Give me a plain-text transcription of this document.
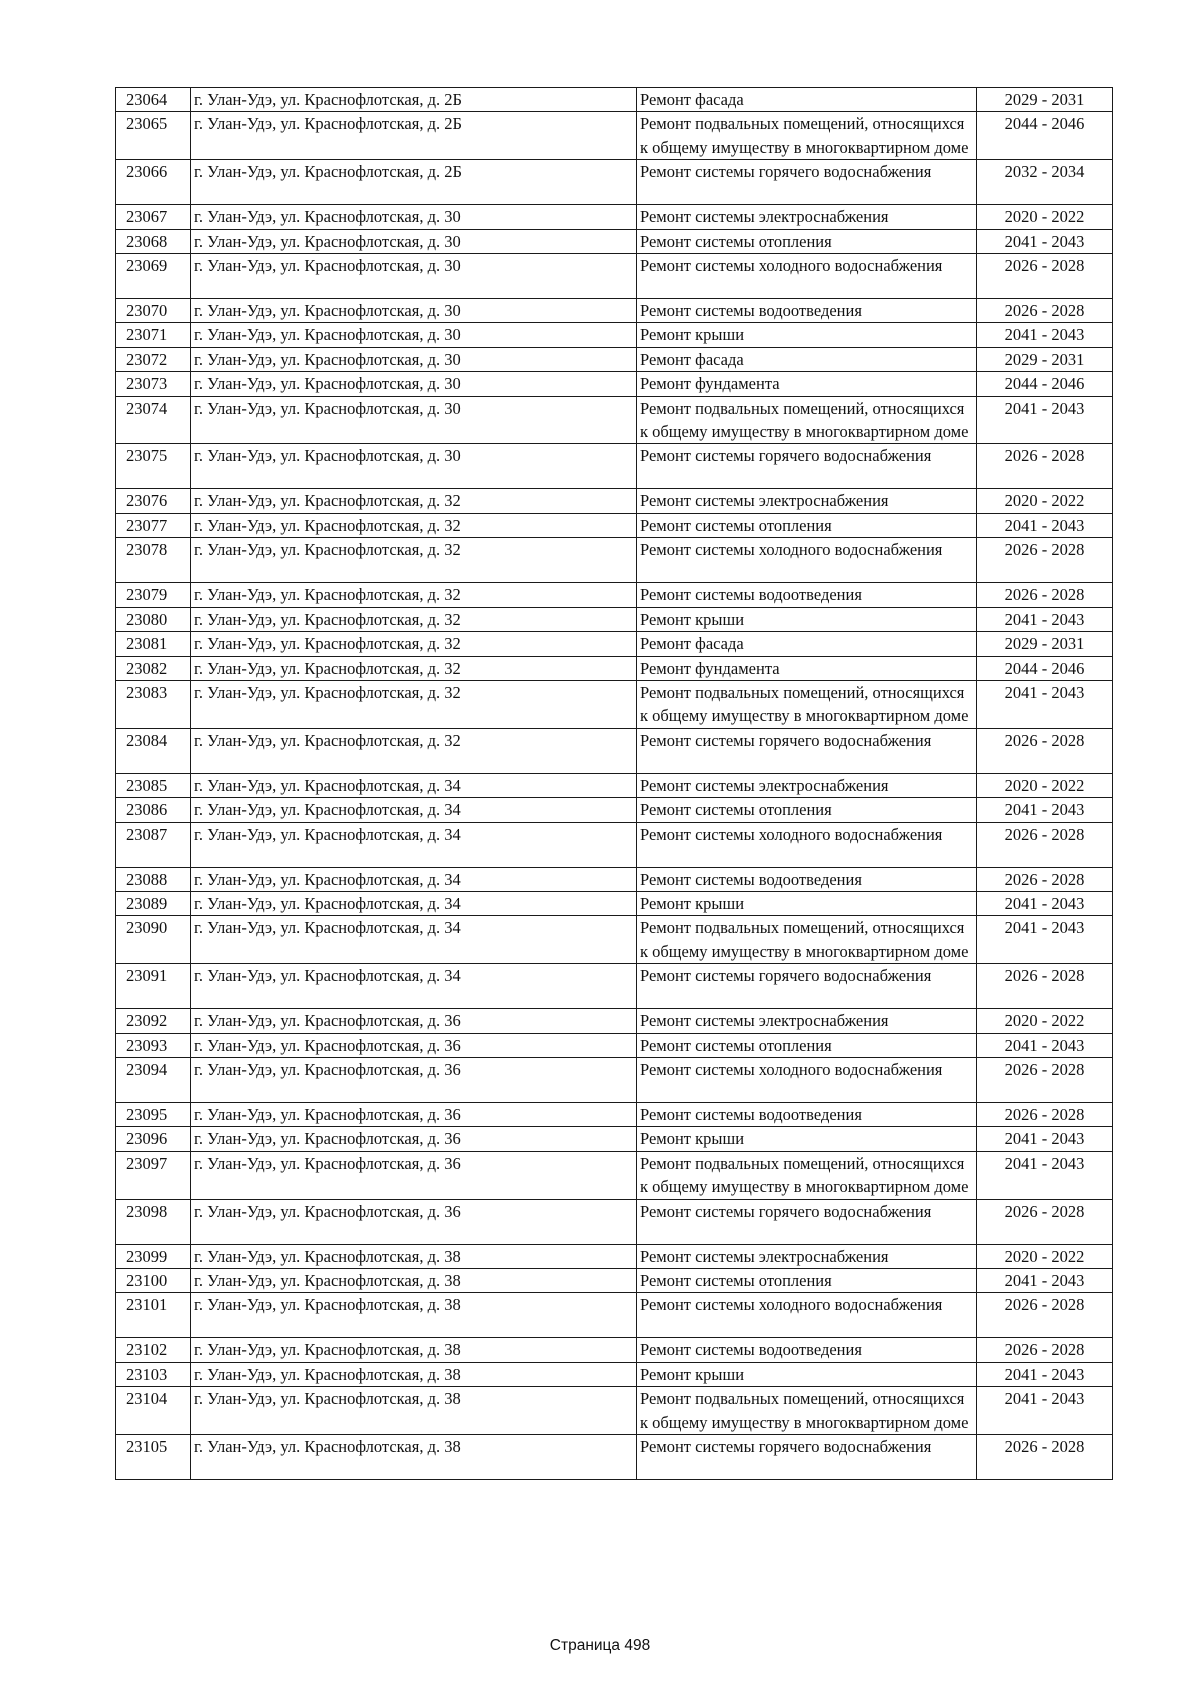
23064	г. Улан-Удэ, ул. Краснофлотская, д. 2Б	Ремонт фасада	2029 - 2031
23065	г. Улан-Удэ, ул. Краснофлотская, д. 2Б	Ремонт подвальных помещений, относящихся к общему имуществу в многоквартирном доме	2044 - 2046
23066	г. Улан-Удэ, ул. Краснофлотская, д. 2Б	Ремонт системы горячего водоснабжения	2032 - 2034
23067	г. Улан-Удэ, ул. Краснофлотская, д. 30	Ремонт системы электроснабжения	2020 - 2022
23068	г. Улан-Удэ, ул. Краснофлотская, д. 30	Ремонт системы отопления	2041 - 2043
23069	г. Улан-Удэ, ул. Краснофлотская, д. 30	Ремонт системы холодного водоснабжения	2026 - 2028
23070	г. Улан-Удэ, ул. Краснофлотская, д. 30	Ремонт системы водоотведения	2026 - 2028
23071	г. Улан-Удэ, ул. Краснофлотская, д. 30	Ремонт крыши	2041 - 2043
23072	г. Улан-Удэ, ул. Краснофлотская, д. 30	Ремонт фасада	2029 - 2031
23073	г. Улан-Удэ, ул. Краснофлотская, д. 30	Ремонт фундамента	2044 - 2046
23074	г. Улан-Удэ, ул. Краснофлотская, д. 30	Ремонт подвальных помещений, относящихся к общему имуществу в многоквартирном доме	2041 - 2043
23075	г. Улан-Удэ, ул. Краснофлотская, д. 30	Ремонт системы горячего водоснабжения	2026 - 2028
23076	г. Улан-Удэ, ул. Краснофлотская, д. 32	Ремонт системы электроснабжения	2020 - 2022
23077	г. Улан-Удэ, ул. Краснофлотская, д. 32	Ремонт системы отопления	2041 - 2043
23078	г. Улан-Удэ, ул. Краснофлотская, д. 32	Ремонт системы холодного водоснабжения	2026 - 2028
23079	г. Улан-Удэ, ул. Краснофлотская, д. 32	Ремонт системы водоотведения	2026 - 2028
23080	г. Улан-Удэ, ул. Краснофлотская, д. 32	Ремонт крыши	2041 - 2043
23081	г. Улан-Удэ, ул. Краснофлотская, д. 32	Ремонт фасада	2029 - 2031
23082	г. Улан-Удэ, ул. Краснофлотская, д. 32	Ремонт фундамента	2044 - 2046
23083	г. Улан-Удэ, ул. Краснофлотская, д. 32	Ремонт подвальных помещений, относящихся к общему имуществу в многоквартирном доме	2041 - 2043
23084	г. Улан-Удэ, ул. Краснофлотская, д. 32	Ремонт системы горячего водоснабжения	2026 - 2028
23085	г. Улан-Удэ, ул. Краснофлотская, д. 34	Ремонт системы электроснабжения	2020 - 2022
23086	г. Улан-Удэ, ул. Краснофлотская, д. 34	Ремонт системы отопления	2041 - 2043
23087	г. Улан-Удэ, ул. Краснофлотская, д. 34	Ремонт системы холодного водоснабжения	2026 - 2028
23088	г. Улан-Удэ, ул. Краснофлотская, д. 34	Ремонт системы водоотведения	2026 - 2028
23089	г. Улан-Удэ, ул. Краснофлотская, д. 34	Ремонт крыши	2041 - 2043
23090	г. Улан-Удэ, ул. Краснофлотская, д. 34	Ремонт подвальных помещений, относящихся к общему имуществу в многоквартирном доме	2041 - 2043
23091	г. Улан-Удэ, ул. Краснофлотская, д. 34	Ремонт системы горячего водоснабжения	2026 - 2028
23092	г. Улан-Удэ, ул. Краснофлотская, д. 36	Ремонт системы электроснабжения	2020 - 2022
23093	г. Улан-Удэ, ул. Краснофлотская, д. 36	Ремонт системы отопления	2041 - 2043
23094	г. Улан-Удэ, ул. Краснофлотская, д. 36	Ремонт системы холодного водоснабжения	2026 - 2028
23095	г. Улан-Удэ, ул. Краснофлотская, д. 36	Ремонт системы водоотведения	2026 - 2028
23096	г. Улан-Удэ, ул. Краснофлотская, д. 36	Ремонт крыши	2041 - 2043
23097	г. Улан-Удэ, ул. Краснофлотская, д. 36	Ремонт подвальных помещений, относящихся к общему имуществу в многоквартирном доме	2041 - 2043
23098	г. Улан-Удэ, ул. Краснофлотская, д. 36	Ремонт системы горячего водоснабжения	2026 - 2028
23099	г. Улан-Удэ, ул. Краснофлотская, д. 38	Ремонт системы электроснабжения	2020 - 2022
23100	г. Улан-Удэ, ул. Краснофлотская, д. 38	Ремонт системы отопления	2041 - 2043
23101	г. Улан-Удэ, ул. Краснофлотская, д. 38	Ремонт системы холодного водоснабжения	2026 - 2028
23102	г. Улан-Удэ, ул. Краснофлотская, д. 38	Ремонт системы водоотведения	2026 - 2028
23103	г. Улан-Удэ, ул. Краснофлотская, д. 38	Ремонт крыши	2041 - 2043
23104	г. Улан-Удэ, ул. Краснофлотская, д. 38	Ремонт подвальных помещений, относящихся к общему имуществу в многоквартирном доме	2041 - 2043
23105	г. Улан-Удэ, ул. Краснофлотская, д. 38	Ремонт системы горячего водоснабжения	2026 - 2028
Страница 498
